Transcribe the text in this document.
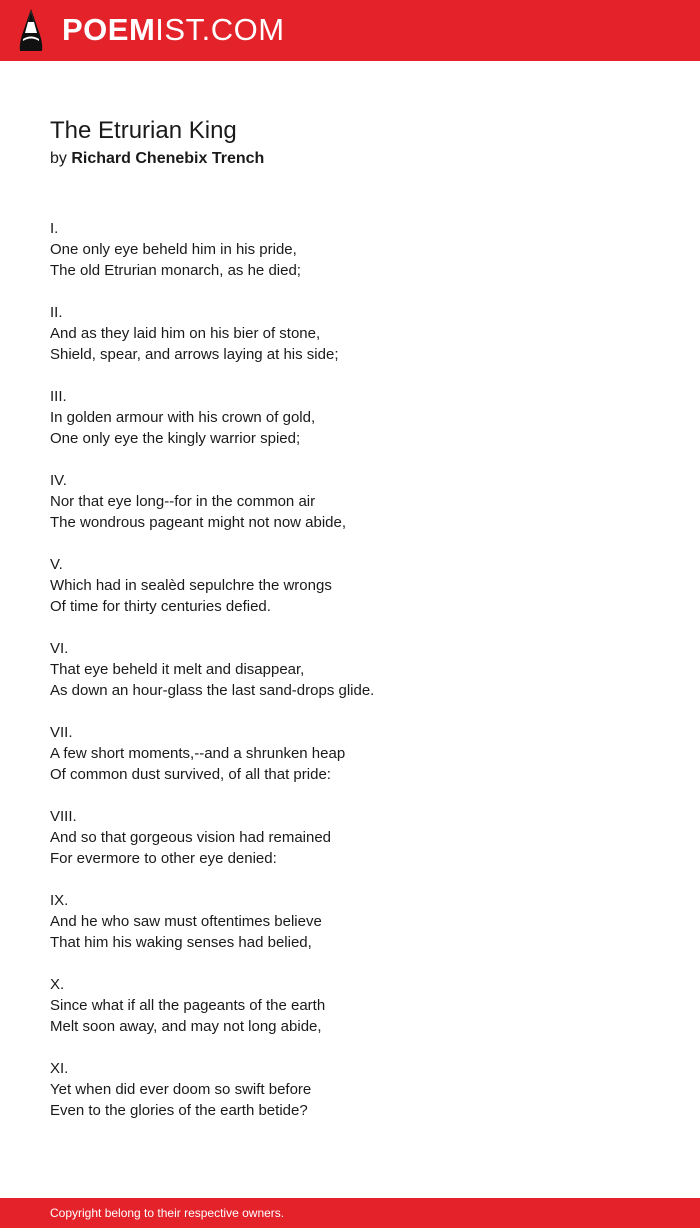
POEMIST.COM
The Etrurian King
by Richard Chenebix Trench
I.
One only eye beheld him in his pride,
The old Etrurian monarch, as he died;
II.
And as they laid him on his bier of stone,
Shield, spear, and arrows laying at his side;
III.
In golden armour with his crown of gold,
One only eye the kingly warrior spied;
IV.
Nor that eye long--for in the common air
The wondrous pageant might not now abide,
V.
Which had in sealèd sepulchre the wrongs
Of time for thirty centuries defied.
VI.
That eye beheld it melt and disappear,
As down an hour-glass the last sand-drops glide.
VII.
A few short moments,--and a shrunken heap
Of common dust survived, of all that pride:
VIII.
And so that gorgeous vision had remained
For evermore to other eye denied:
IX.
And he who saw must oftentimes believe
That him his waking senses had belied,
X.
Since what if all the pageants of the earth
Melt soon away, and may not long abide,
XI.
Yet when did ever doom so swift before
Even to the glories of the earth betide?
Copyright belong to their respective owners.
